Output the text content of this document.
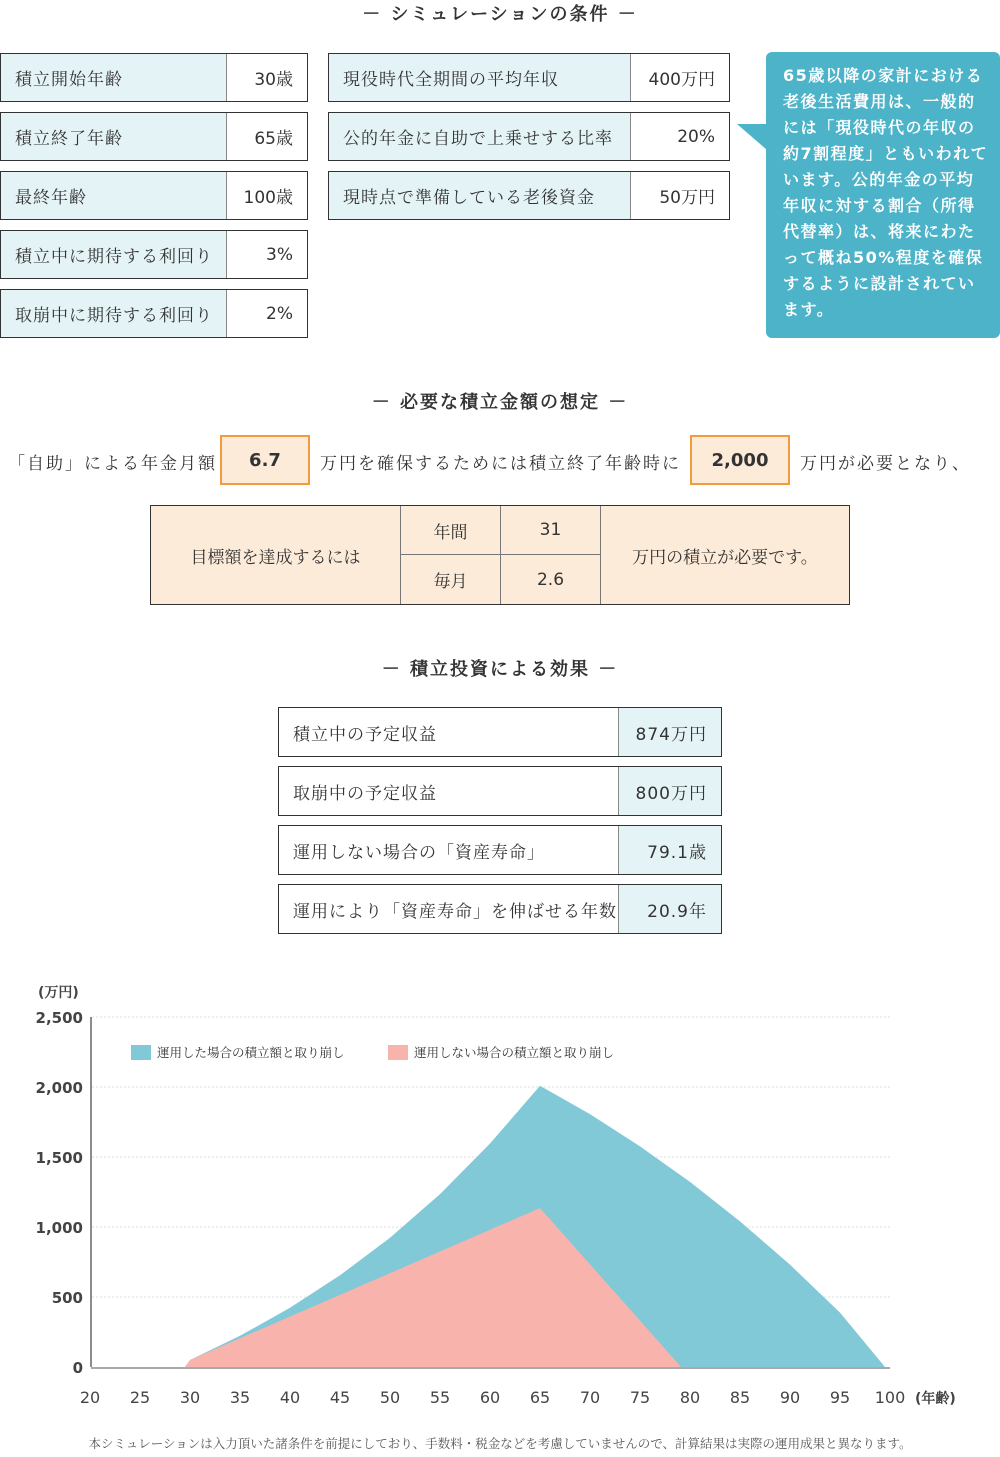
－ シミュレーションの条件 －
65歳以降の家計における老後生活費用は、一般的には「現役時代の年収の約7割程度」ともいわれています。公的年金の平均年収に対する割合（所得代替率）は、将来にわたって概ね50%程度を確保するように設計されています。
－ 必要な積立金額の想定 －
「自助」による年金月額	6.7	万円を確保するためには積立終了年齢時に	2,000	万円が必要となり、
目標額を達成するには
年間	31
毎月	2.6
万円の積立が必要です。
－ 積立投資による効果 －
0
500
1,000
1,500
2,000
2,500
20 25 30 35 40 45 50 55 60 65 70 75 80 85 90 95 100 (年齢)
(万円)
運用した場合の積立額と取り崩し	運用しない場合の積立額と取り崩し
本シミュレーションは入力頂いた諸条件を前提にしており、手数料・税金などを考慮していませんので、計算結果は実際の運用成果と異なります。
積立開始年齢	30歳
積立終了年齢	65歳
最終年齢	100歳
積立中に期待する利回り	3%
取崩中に期待する利回り	2%
現役時代全期間の平均年収	400万円
公的年金に自助で上乗せする比率	20%
現時点で準備している老後資金	50万円
積立中の予定収益	874万円
取崩中の予定収益	800万円
運用しない場合の「資産寿命」	79.1歳
運用により「資産寿命」を伸ばせる年数	20.9年
